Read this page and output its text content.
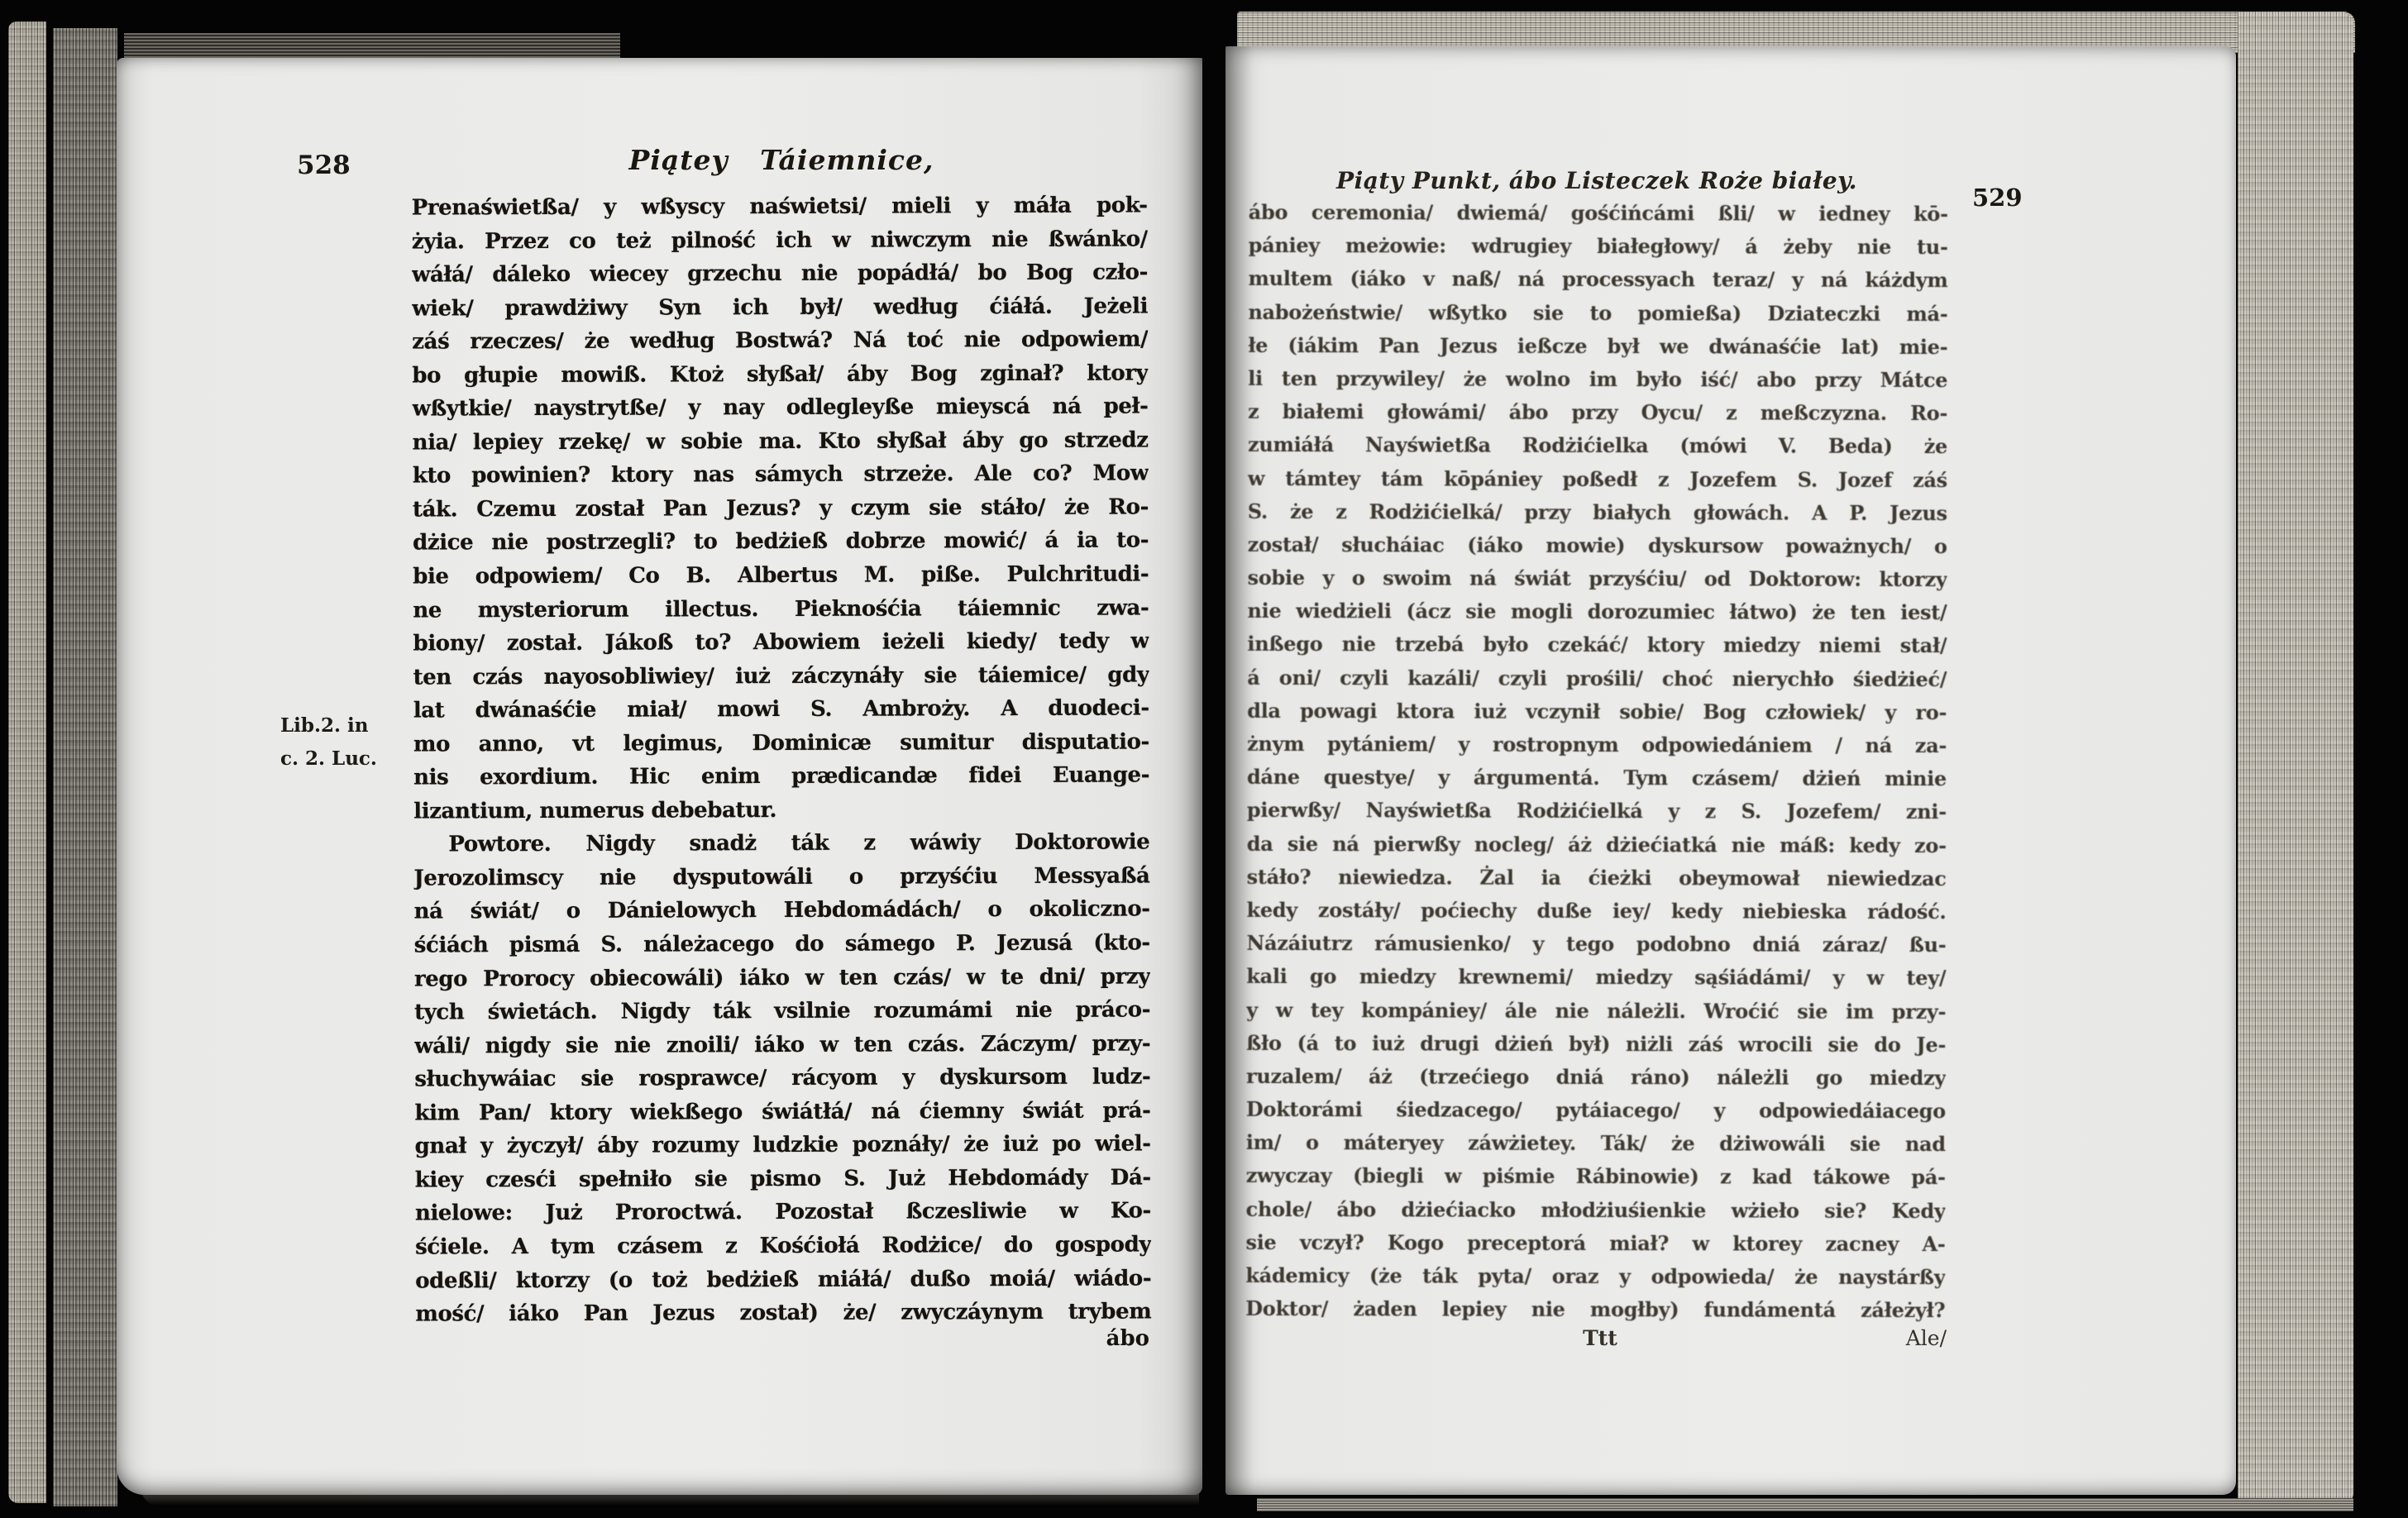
528	Piątey Táiemnice,
Lib.2. in
c. 2. Luc.
Prenaświetßa/ y wßyscy naświetsi/ mieli y máła pok-
żyia. Przez co też pilność ich w niwczym nie ßwánko/
wáłá/ dáleko wiecey grzechu nie popádłá/ bo Bog czło-
wiek/ prawdżiwy Syn ich był/ według ćiáłá. Jeżeli
záś rzeczes/ że według Bostwá? Ná toć nie odpowiem/
bo głupie mowiß. Ktoż słyßał/ áby Bog zginał? ktory
wßytkie/ naystrytße/ y nay odlegleyße mieyscá ná peł-
nia/ lepiey rzekę/ w sobie ma. Kto słyßał áby go strzedz
kto powinien? ktory nas sámych strzeże. Ale co? Mow
ták. Czemu został Pan Jezus? y czym sie stáło/ że Ro-
dżice nie postrzegli? to bedżieß dobrze mowić/ á ia to-
bie odpowiem/ Co B. Albertus M. piße. Pulchritudi-
ne mysteriorum illectus. Pieknośćia táiemnic zwa-
biony/ został. Jákoß to? Abowiem ieżeli kiedy/ tedy w
ten czás nayosobliwiey/ iuż záczynáły sie táiemice/ gdy
lat dwánaśćie miał/ mowi S. Ambroży. A duodeci-
mo anno, vt legimus, Dominicæ sumitur disputatio-
nis exordium. Hic enim prædicandæ fidei Euange-
lizantium, numerus debebatur.
Powtore. Nigdy snadż ták z wáwiy Doktorowie
Jerozolimscy nie dysputowáli o przyśćiu Messyaßá
ná świát/ o Dánielowych Hebdomádách/ o okoliczno-
śćiách pismá S. náleżacego do sámego P. Jezusá (kto-
rego Prorocy obiecowáli) iáko w ten czás/ w te dni/ przy
tych świetách. Nigdy ták vsilnie rozumámi nie práco-
wáli/ nigdy sie nie znoili/ iáko w ten czás. Záczym/ przy-
słuchywáiac sie rosprawce/ rácyom y dyskursom ludz-
kim Pan/ ktory wiekßego świátłá/ ná ćiemny świát prá-
gnał y życzył/ áby rozumy ludzkie poznáły/ że iuż po wiel-
kiey czesći spełniło sie pismo S. Już Hebdomády Dá-
nielowe: Już Proroctwá. Pozostał ßczesliwie w Ko-
śćiele. A tym czásem z Kośćiołá Rodżice/ do gospody
odeßli/ ktorzy (o toż bedżieß miáłá/ dußo moiá/ wiádo-
mość/ iáko Pan Jezus został) że/ zwyczáynym trybem
ábo
Piąty Punkt, ábo Listeczek Roże białey.
529
ábo ceremonia/ dwiemá/ gośćińcámi ßli/ w iedney kō-
pániey meżowie: wdrugiey białegłowy/ á żeby nie tu-
multem (iáko v naß/ ná processyach teraz/ y ná káżdym
nabożeństwie/ wßytko sie to pomießa) Dziateczki má-
łe (iákim Pan Jezus ießcze był we dwánaśćie lat) mie-
li ten przywiley/ że wolno im było iść/ abo przy Mátce
z białemi głowámi/ ábo przy Oycu/ z meßczyzna. Ro-
zumiáłá Nayświetßa Rodżićielka (mówi V. Beda) że
w támtey tám kōpániey poßedł z Jozefem S. Jozef záś
S. że z Rodżićielká/ przy białych głowách. A P. Jezus
został/ słucháiac (iáko mowie) dyskursow poważnych/ o
sobie y o swoim ná świát przyśćiu/ od Doktorow: ktorzy
nie wiedżieli (ácz sie mogli dorozumiec łátwo) że ten iest/
inßego nie trzebá było czekáć/ ktory miedzy niemi stał/
á oni/ czyli kazáli/ czyli prośili/ choć nierychło śiedżieć/
dla powagi ktora iuż vczynił sobie/ Bog człowiek/ y ro-
żnym pytániem/ y rostropnym odpowiedániem / ná za-
dáne questye/ y árgumentá. Tym czásem/ dżień minie
pierwßy/ Nayświetßa Rodżićielká y z S. Jozefem/ zni-
da sie ná pierwßy nocleg/ áż dżiećiatká nie máß: kedy zo-
stáło? niewiedza. Żal ia ćieżki obeymował niewiedzac
kedy zostáły/ poćiechy duße iey/ kedy niebieska rádość.
Názáiutrz rámusienko/ y tego podobno dniá záraz/ ßu-
kali go miedzy krewnemi/ miedzy sąśiádámi/ y w tey/
y w tey kompániey/ ále nie náleżli. Wroćić sie im przy-
ßło (á to iuż drugi dżień był) niżli záś wrocili sie do Je-
ruzalem/ áż (trzećiego dniá ráno) náleżli go miedzy
Doktorámi śiedzacego/ pytáiacego/ y odpowiedáiacego
im/ o máteryey záwżietey. Ták/ że dżiwowáli sie nad
zwyczay (biegli w piśmie Rábinowie) z kad tákowe pá-
chole/ ábo dżiećiacko młodżiuśienkie wżieło sie? Kedy
sie vczył? Kogo preceptorá miał? w ktorey zacney A-
kádemicy (że ták pyta/ oraz y odpowieda/ że naystárßy
Doktor/ żaden lepiey nie mogłby) fundámentá záłeżył?
Ttt	Ale/
